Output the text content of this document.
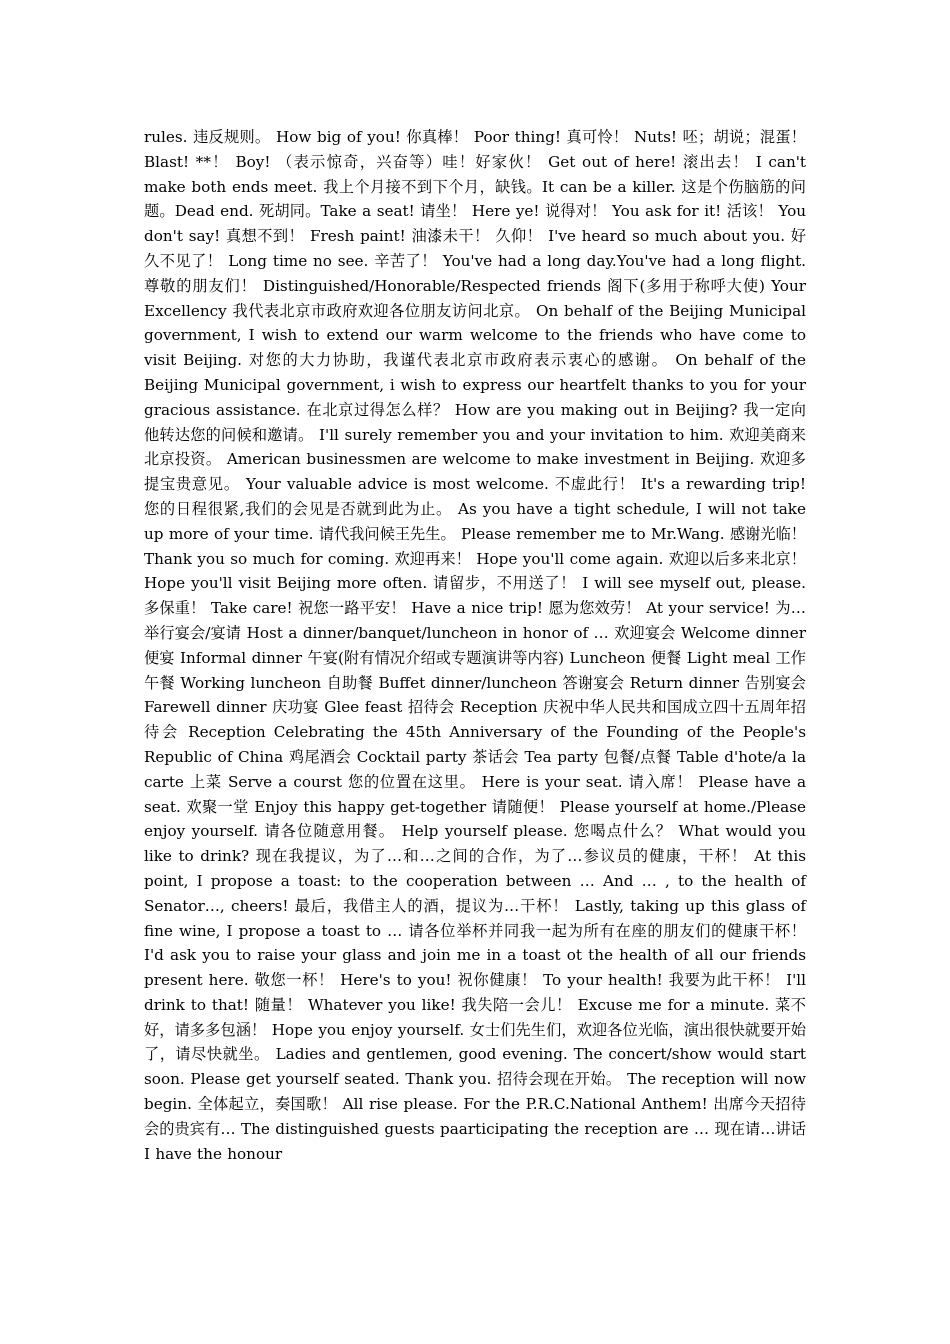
rules. 违反规则。 How big of you! 你真棒！ Poor thing! 真可怜！ Nuts! 呸；胡说；混蛋！ Blast! **！ Boy! （表示惊奇，兴奋等）哇！好家伙！ Get out of here! 滚出去！ I can't make both ends meet. 我上个月接不到下个月，缺钱。It can be a killer. 这是个伤脑筋的问题。Dead end. 死胡同。Take a seat! 请坐！ Here ye! 说得对！ You ask for it! 活该！ You don't say! 真想不到！ Fresh paint! 油漆未干！ 久仰！ I've heard so much about you. 好久不见了！ Long time no see. 辛苦了！ You've had a long day.You've had a long flight. 尊敬的朋友们！ Distinguished/Honorable/Respected friends 阁下(多用于称呼大使) Your Excellency 我代表北京市政府欢迎各位朋友访问北京。 On behalf of the Beijing Municipal government, I wish to extend our warm welcome to the friends who have come to visit Beijing. 对您的大力协助，我谨代表北京市政府表示衷心的感谢。 On behalf of the Beijing Municipal government, i wish to express our heartfelt thanks to you for your gracious assistance. 在北京过得怎么样？ How are you making out in Beijing? 我一定向他转达您的问候和邀请。 I'll surely remember you and your invitation to him. 欢迎美商来北京投资。 American businessmen are welcome to make investment in Beijing. 欢迎多提宝贵意见。 Your valuable advice is most welcome. 不虚此行！ It's a rewarding trip! 您的日程很紧,我们的会见是否就到此为止。 As you have a tight schedule, I will not take up more of your time. 请代我问候王先生。 Please remember me to Mr.Wang. 感谢光临！ Thank you so much for coming. 欢迎再来！ Hope you'll come again. 欢迎以后多来北京！ Hope you'll visit Beijing more often. 请留步，不用送了！ I will see myself out, please. 多保重！ Take care! 祝您一路平安！ Have a nice trip! 愿为您效劳！ At your service! 为…举行宴会/宴请 Host a dinner/banquet/luncheon in honor of … 欢迎宴会 Welcome dinner 便宴 Informal dinner 午宴(附有情况介绍或专题演讲等内容) Luncheon 便餐 Light meal 工作午餐 Working luncheon 自助餐 Buffet dinner/luncheon 答谢宴会 Return dinner 告别宴会 Farewell dinner 庆功宴 Glee feast 招待会 Reception 庆祝中华人民共和国成立四十五周年招待会 Reception Celebrating the 45th Anniversary of the Founding of the People's Republic of China 鸡尾酒会 Cocktail party 茶话会 Tea party 包餐/点餐 Table d'hote/a la carte 上菜 Serve a courst 您的位置在这里。 Here is your seat. 请入席！ Please have a seat. 欢聚一堂 Enjoy this happy get-together 请随便！ Please yourself at home./Please enjoy yourself. 请各位随意用餐。 Help yourself please. 您喝点什么？ What would you like to drink? 现在我提议，为了…和…之间的合作，为了…参议员的健康，干杯！ At this point, I propose a toast: to the cooperation between … And … , to the health of Senator…, cheers! 最后，我借主人的酒，提议为…干杯！ Lastly, taking up this glass of fine wine, I propose a toast to … 请各位举杯并同我一起为所有在座的朋友们的健康干杯！ I'd ask you to raise your glass and join me in a toast ot the health of all our friends present here. 敬您一杯！ Here's to you! 祝你健康！ To your health! 我要为此干杯！ I'll drink to that! 随量！ Whatever you like! 我失陪一会儿！ Excuse me for a minute. 菜不好，请多多包涵！ Hope you enjoy yourself. 女士们先生们，欢迎各位光临，演出很快就要开始了，请尽快就坐。 Ladies and gentlemen, good evening. The concert/show would start soon. Please get yourself seated. Thank you. 招待会现在开始。 The reception will now begin. 全体起立，奏国歌！ All rise please. For the P.R.C.National Anthem! 出席今天招待会的贵宾有… The distinguished guests paarticipating the reception are … 现在请…讲话 I have the honour
